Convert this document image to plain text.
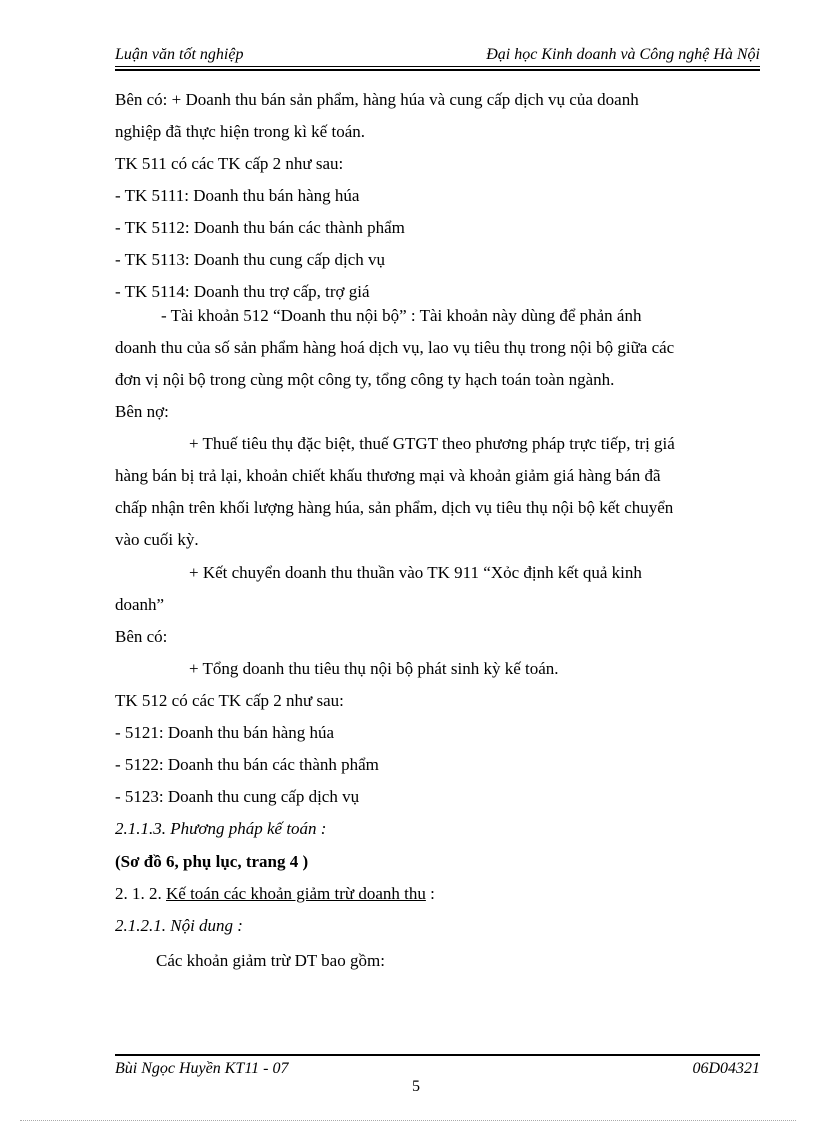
Luận văn tốt nghiệp	Đại học Kinh doanh và Công nghệ Hà Nội

Bên có: + Doanh thu bán sản phẩm, hàng húa và cung cấp dịch vụ của doanh

nghiệp đã thực hiện trong kì kế toán.

TK 511 có các TK cấp 2 như sau:

- TK 5111: Doanh thu bán hàng húa

- TK 5112: Doanh thu bán các thành phẩm

- TK 5113: Doanh thu cung cấp dịch vụ

- TK 5114: Doanh thu trợ cấp, trợ giá

- Tài khoản 512 “Doanh thu nội bộ” : Tài khoản này dùng để phản ánh

doanh thu của số sản phẩm hàng hoá dịch vụ, lao vụ tiêu thụ trong nội bộ giữa các

đơn vị nội bộ trong cùng một công ty, tổng công ty hạch toán toàn ngành.

Bên nợ:

+ Thuế tiêu thụ đặc biệt, thuế GTGT theo phương pháp trực tiếp, trị giá

hàng bán bị trả lại, khoản chiết khấu thương mại và khoản giảm giá hàng bán đã

chấp nhận trên khối lượng hàng húa, sản phẩm, dịch vụ tiêu thụ nội bộ kết chuyển

vào cuối kỳ.

+ Kết chuyển doanh thu thuần vào TK 911 “Xỏc định kết quả kinh

doanh”

Bên có:

+ Tổng doanh thu tiêu thụ nội bộ phát sinh kỳ kế toán.

TK 512 có các TK cấp 2 như sau:

- 5121: Doanh thu bán hàng húa

- 5122: Doanh thu bán các thành phẩm

- 5123: Doanh thu cung cấp dịch vụ

2.1.1.3. Phương pháp kế toán :

(Sơ đồ 6, phụ lục, trang 4 )

2. 1. 2. Kế toán các khoản giảm trừ doanh thu :

2.1.2.1. Nội dung :

Các khoản giảm trừ DT bao gồm:

Bùi Ngọc Huyền KT11 - 07	06D04321
5
